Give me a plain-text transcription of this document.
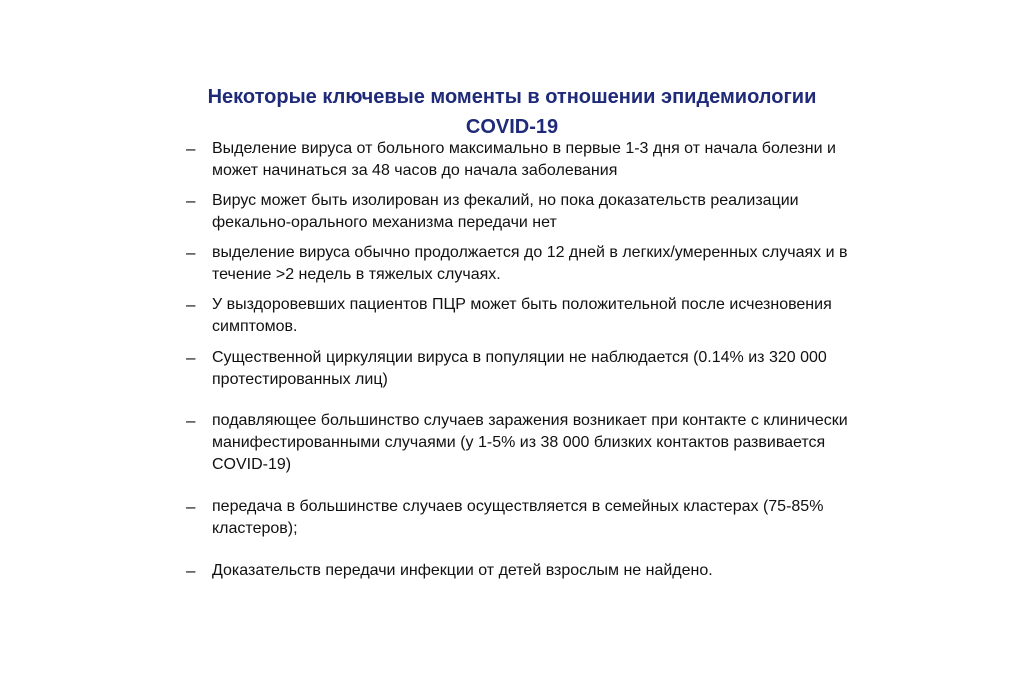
Некоторые ключевые моменты в отношении эпидемиологии
COVID-19
–	Выделение вируса от больного максимально в первые 1-3 дня от начала болезни и может начинаться за 48 часов до начала заболевания
–	Вирус может быть изолирован из фекалий, но пока доказательств реализации фекально-орального механизма передачи нет
–	выделение вируса обычно продолжается до 12 дней в легких/умеренных случаях и в течение >2 недель в тяжелых случаях.
–	У выздоровевших пациентов ПЦР может быть положительной после исчезновения симптомов.
–	Существенной циркуляции вируса в популяции не наблюдается (0.14% из 320 000 протестированных лиц)
–	подавляющее большинство случаев заражения возникает при контакте с клинически манифестированными случаями (у 1-5% из 38 000 близких контактов развивается COVID-19)
–	передача в большинстве случаев осуществляется в семейных кластерах (75-85% кластеров);
–	Доказательств передачи инфекции от детей взрослым не найдено.
